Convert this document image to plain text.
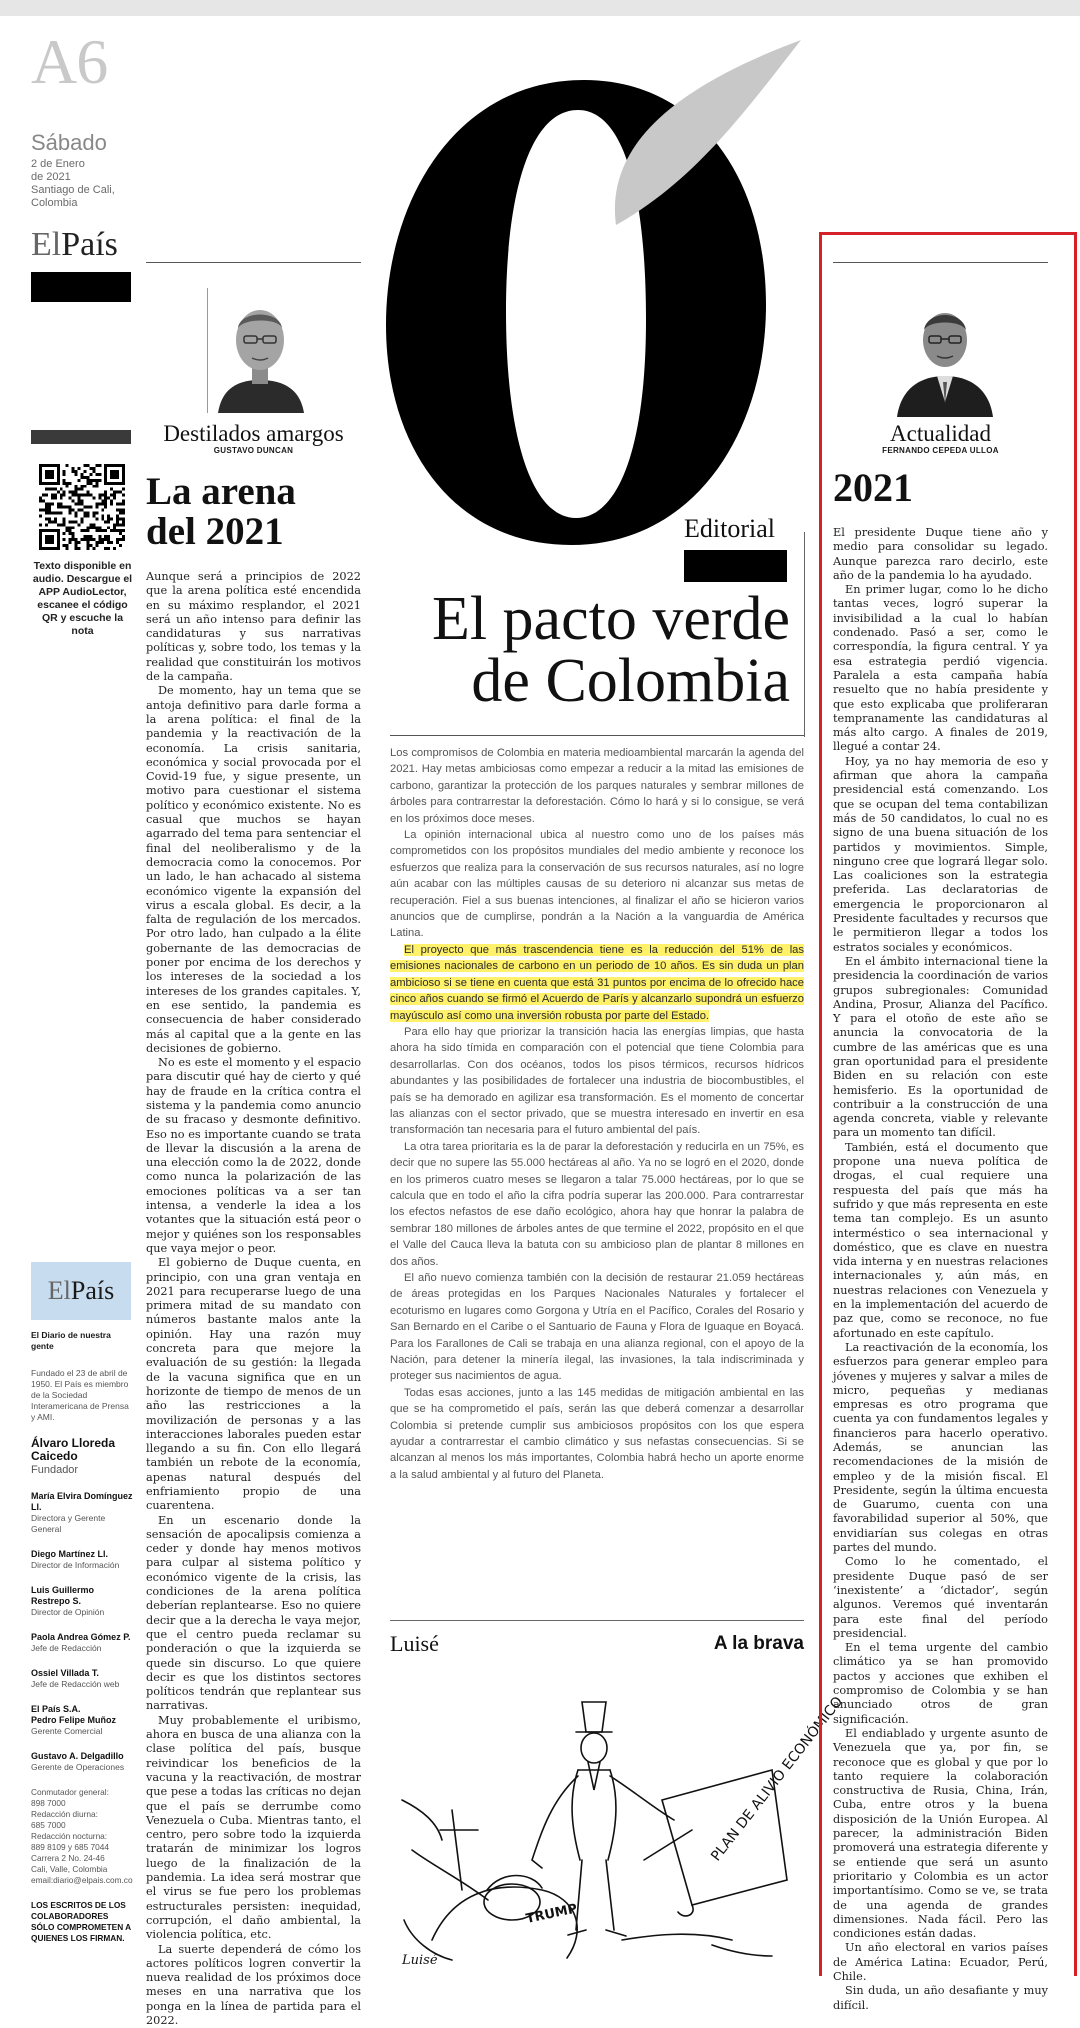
A6
Sábado
2 de Enero
de 2021
Santiago de Cali,
Colombia
ElPaís
Texto disponible en audio. Descargue el APP AudioLector, escanee el código QR y escuche la nota
El País
El Diario de nuestra gente
Fundado el 23 de abril de 1950. El País es miembro de la Sociedad Interamericana de Prensa y AMI.
Álvaro Lloreda Caicedo
Fundador
María Elvira Domínguez Ll.
Directora y Gerente General
Diego Martínez Ll.
Director de Información
Luis Guillermo Restrepo S.
Director de Opinión
Paola Andrea Gómez P.
Jefe de Redacción
Ossiel Villada T.
Jefe de Redacción web
El País S.A.
Pedro Felipe Muñoz
Gerente Comercial
Gustavo A. Delgadillo
Gerente de Operaciones
Conmutador general:
898 7000
Redacción diurna:
685 7000
Redacción nocturna:
889 8109 y 685 7044
Carrera 2 No. 24-46
Cali, Valle, Colombia
email:diario@elpais.com.co
LOS ESCRITOS DE LOS COLABORADORES SÓLO COMPROMETEN A QUIENES LOS FIRMAN.
Destilados amargos
GUSTAVO DUNCAN
La arena
del 2021

Aunque será a principios de 2022 que la arena política esté encendida en su máximo resplandor, el 2021 será un año intenso para definir las candidaturas y sus narrativas políticas y, sobre todo, los temas y la realidad que constituirán los motivos de la campaña.

De momento, hay un tema que se antoja definitivo para darle forma a la arena política: el final de la pandemia y la reactivación de la economía. La crisis sanitaria, económica y social provocada por el Covid-19 fue, y sigue presente, un motivo para cuestionar el sistema político y económico existente. No es casual que muchos se hayan agarrado del tema para sentenciar el final del neoliberalismo y de la democracia como la conocemos. Por un lado, le han achacado al sistema económico vigente la expansión del virus a escala global. Es decir, a la falta de regulación de los mercados. Por otro lado, han culpado a la élite gobernante de las democracias de poner por encima de los derechos y los intereses de la sociedad a los intereses de los grandes capitales. Y, en ese sentido, la pandemia es consecuencia de haber considerado más al capital que a la gente en las decisiones de gobierno.

No es este el momento y el espacio para discutir qué hay de cierto y qué hay de fraude en la crítica contra el sistema y la pandemia como anuncio de su fracaso y desmonte definitivo. Eso no es importante cuando se trata de llevar la discusión a la arena de una elección como la de 2022, donde como nunca la polarización de las emociones políticas va a ser tan intensa, a venderle la idea a los votantes que la situación está peor o mejor y quiénes son los responsables que vaya mejor o peor.

El gobierno de Duque cuenta, en principio, con una gran ventaja en 2021 para recuperarse luego de una primera mitad de su mandato con números bastante malos ante la opinión. Hay una razón muy concreta para que mejore la evaluación de su gestión: la llegada de la vacuna significa que en un horizonte de tiempo de menos de un año las restricciones a la movilización de personas y a las interacciones laborales pueden estar llegando a su fin. Con ello llegará también un rebote de la economía, apenas natural después del enfriamiento propio de una cuarentena.

En un escenario donde la sensación de apocalipsis comienza a ceder y donde hay menos motivos para culpar al sistema político y económico vigente de la crisis, las condiciones de la arena política deberían replantearse. Eso no quiere decir que a la derecha le vaya mejor, que el centro pueda reclamar su ponderación o que la izquierda se quede sin discurso. Lo que quiere decir es que los distintos sectores políticos tendrán que replantear sus narrativas.

Muy probablemente el uribismo, ahora en busca de una alianza con la clase política del país, busque reivindicar los beneficios de la vacuna y la reactivación, de mostrar que pese a todas las críticas no dejan que el país se derrumbe como Venezuela o Cuba. Mientras tanto, el centro, pero sobre todo la izquierda tratarán de minimizar los logros luego de la finalización de la pandemia. La idea será mostrar que el virus se fue pero los problemas estructurales persisten: inequidad, corrupción, el daño ambiental, la violencia política, etc.

La suerte dependerá de cómo los actores políticos logren convertir la nueva realidad de los próximos doce meses en una narrativa que los ponga en la línea de partida para el 2022.

Editorial
El pacto verde
de Colombia

Los compromisos de Colombia en materia medioambiental marcarán la agenda del 2021. Hay metas ambiciosas como empezar a reducir a la mitad las emisiones de carbono, garantizar la protección de los parques naturales y sembrar millones de árboles para contrarrestar la deforestación. Cómo lo hará y si lo consigue, se verá en los próximos doce meses.

La opinión internacional ubica al nuestro como uno de los países más comprometidos con los propósitos mundiales del medio ambiente y reconoce los esfuerzos que realiza para la conservación de sus recursos naturales, así no logre aún acabar con las múltiples causas de su deterioro ni alcanzar sus metas de recuperación. Fiel a sus buenas intenciones, al finalizar el año se hicieron varios anuncios que de cumplirse, pondrán a la Nación a la vanguardia de América Latina.

El proyecto que más trascendencia tiene es la reducción del 51% de las emisiones nacionales de carbono en un periodo de 10 años. Es sin duda un plan ambicioso si se tiene en cuenta que está 31 puntos por encima de lo ofrecido hace cinco años cuando se firmó el Acuerdo de París y alcanzarlo supondrá un esfuerzo mayúsculo así como una inversión robusta por parte del Estado.

Para ello hay que priorizar la transición hacia las energías limpias, que hasta ahora ha sido tímida en comparación con el potencial que tiene Colombia para desarrollarlas. Con dos océanos, todos los pisos térmicos, recursos hídricos abundantes y las posibilidades de fortalecer una industria de biocombustibles, el país se ha demorado en agilizar esa transformación. Es el momento de concertar las alianzas con el sector privado, que se muestra interesado en invertir en esa transformación tan necesaria para el futuro ambiental del país.

La otra tarea prioritaria es la de parar la deforestación y reducirla en un 75%, es decir que no supere las 55.000 hectáreas al año. Ya no se logró en el 2020, donde en los primeros cuatro meses se llegaron a talar 75.000 hectáreas, por lo que se calcula que en todo el año la cifra podría superar las 200.000. Para contrarrestar los efectos nefastos de ese daño ecológico, ahora hay que honrar la palabra de sembrar 180 millones de árboles antes de que termine el 2022, propósito en el que el Valle del Cauca lleva la batuta con su ambicioso plan de plantar 8 millones en dos años.

El año nuevo comienza también con la decisión de restaurar 21.059 hectáreas de áreas protegidas en los Parques Nacionales Naturales y fortalecer el ecoturismo en lugares como Gorgona y Utría en el Pacífico, Corales del Rosario y San Bernardo en el Caribe o el Santuario de Fauna y Flora de Iguaque en Boyacá. Para los Farallones de Cali se trabaja en una alianza regional, con el apoyo de la Nación, para detener la minería ilegal, las invasiones, la tala indiscriminada y proteger sus nacimientos de agua.

Todas esas acciones, junto a las 145 medidas de mitigación ambiental en las que se ha comprometido el país, serán las que deberá comenzar a desarrollar Colombia si pretende cumplir sus ambiciosos propósitos con los que espera ayudar a contrarrestar el cambio climático y sus nefastas consecuencias. Si se alcanzan al menos los más importantes, Colombia habrá hecho un aporte enorme a la salud ambiental y al futuro del Planeta.

Luisé	A la brava
PLAN DE ALIVIO ECONÓMICO
TRUMP
Luisé
Actualidad
FERNANDO CEPEDA ULLOA
2021

El presidente Duque tiene año y medio para consolidar su legado. Aunque parezca raro decirlo, este año de la pandemia lo ha ayudado.

En primer lugar, como lo he dicho tantas veces, logró superar la invisibilidad a la cual lo habían condenado. Pasó a ser, como le correspondía, la figura central. Y ya esa estrategia perdió vigencia. Paralela a esta campaña había resuelto que no había presidente y que esto explicaba que proliferaran tempranamente las candidaturas al más alto cargo. A finales de 2019, llegué a contar 24.

Hoy, ya no hay memoria de eso y afirman que ahora la campaña presidencial está comenzando. Los que se ocupan del tema contabilizan más de 50 candidatos, lo cual no es signo de una buena situación de los partidos y movimientos. Simple, ninguno cree que logrará llegar solo. Las coaliciones son la estrategia preferida. Las declaratorias de emergencia le proporcionaron al Presidente facultades y recursos que le permitieron llegar a todos los estratos sociales y económicos.

En el ámbito internacional tiene la presidencia la coordinación de varios grupos subregionales: Comunidad Andina, Prosur, Alianza del Pacífico. Y para el otoño de este año se anuncia la convocatoria de la cumbre de las américas que es una gran oportunidad para el presidente Biden en su relación con este hemisferio. Es la oportunidad de contribuir a la construcción de una agenda concreta, viable y relevante para un momento tan difícil.

También, está el documento que propone una nueva política de drogas, el cual requiere una respuesta del país que más ha sufrido y que más representa en este tema tan complejo. Es un asunto interméstico o sea internacional y doméstico, que es clave en nuestra vida interna y en nuestras relaciones internacionales y, aún más, en nuestras relaciones con Venezuela y en la implementación del acuerdo de paz que, como se reconoce, no fue afortunado en este capítulo.

La reactivación de la economía, los esfuerzos para generar empleo para jóvenes y mujeres y salvar a miles de micro, pequeñas y medianas empresas es otro programa que cuenta ya con fundamentos legales y financieros para hacerlo operativo. Además, se anuncian las recomendaciones de la misión de empleo y de la misión fiscal. El Presidente, según la última encuesta de Guarumo, cuenta con una favorabilidad superior al 50%, que envidiarían sus colegas en otras partes del mundo.

Como lo he comentado, el presidente Duque pasó de ser ‘inexistente’ a ‘dictador’, según algunos. Veremos qué inventarán para este final del período presidencial.

En el tema urgente del cambio climático ya se han promovido pactos y acciones que exhiben el compromiso de Colombia y se han anunciado otros de gran significación.

El endiablado y urgente asunto de Venezuela que ya, por fin, se reconoce que es global y que por lo tanto requiere la colaboración constructiva de Rusia, China, Irán, Cuba, entre otros y la buena disposición de la Unión Europea. Al parecer, la administración Biden promoverá una estrategia diferente y se entiende que será un asunto prioritario y Colombia es un actor importantísimo. Como se ve, se trata de una agenda de grandes dimensiones. Nada fácil. Pero las condiciones están dadas.

Un año electoral en varios países de América Latina: Ecuador, Perú, Chile.

Sin duda, un año desafiante y muy difícil.
